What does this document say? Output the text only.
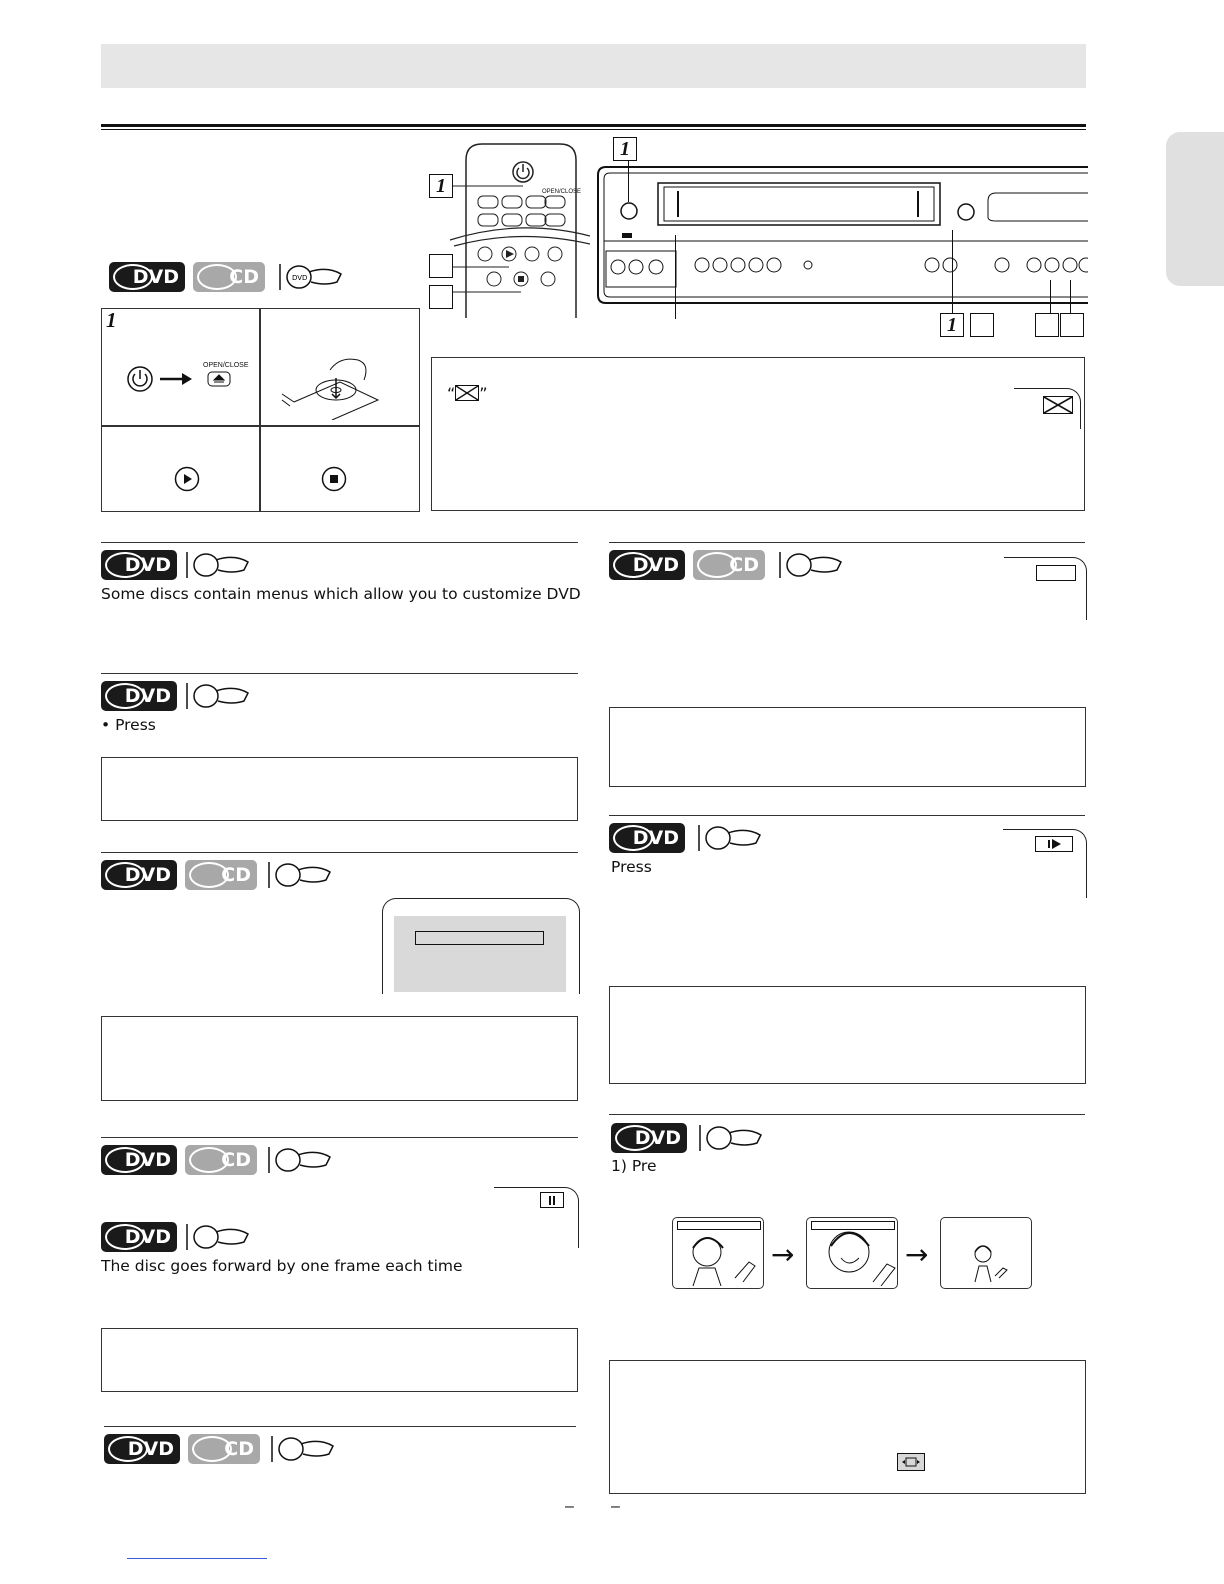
OPEN/CLOSE
1
1
1
DVD	CD	DVD
1
OPEN/CLOSE
“ ”
DVD
Some discs contain menus which allow you to customize DVD
DVD
• Press
DVD	CD
DVD	CD
DVD
The disc goes forward by one frame each time
DVD	CD
DVD	CD
DVD
Press
DVD
1) Pre
→	→
– –
